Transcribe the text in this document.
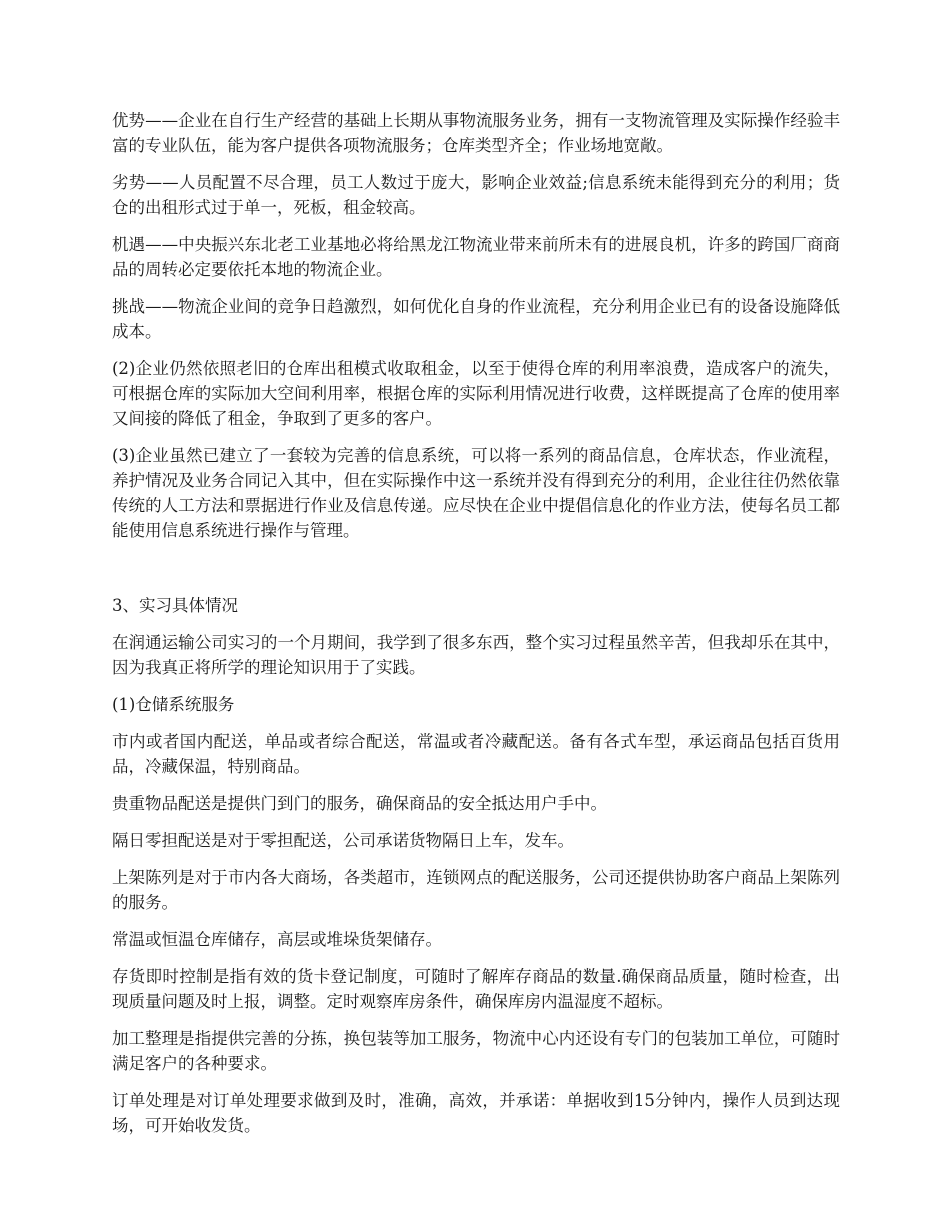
优势——企业在自行生产经营的基础上长期从事物流服务业务，拥有一支物流管理及实际操作经验丰富的专业队伍，能为客户提供各项物流服务；仓库类型齐全；作业场地宽敞。

劣势——人员配置不尽合理，员工人数过于庞大，影响企业效益;信息系统未能得到充分的利用；货仓的出租形式过于单一，死板，租金较高。

机遇——中央振兴东北老工业基地必将给黑龙江物流业带来前所未有的进展良机，许多的跨国厂商商品的周转必定要依托本地的物流企业。

挑战——物流企业间的竞争日趋激烈，如何优化自身的作业流程，充分利用企业已有的设备设施降低成本。

(2)企业仍然依照老旧的仓库出租模式收取租金，以至于使得仓库的利用率浪费，造成客户的流失，可根据仓库的实际加大空间利用率，根据仓库的实际利用情况进行收费，这样既提高了仓库的使用率又间接的降低了租金，争取到了更多的客户。

(3)企业虽然已建立了一套较为完善的信息系统，可以将一系列的商品信息，仓库状态，作业流程，养护情况及业务合同记入其中，但在实际操作中这一系统并没有得到充分的利用，企业往往仍然依靠传统的人工方法和票据进行作业及信息传递。应尽快在企业中提倡信息化的作业方法，使每名员工都能使用信息系统进行操作与管理。

3、实习具体情况

在润通运输公司实习的一个月期间，我学到了很多东西，整个实习过程虽然辛苦，但我却乐在其中，因为我真正将所学的理论知识用于了实践。

(1)仓储系统服务

市内或者国内配送，单品或者综合配送，常温或者冷藏配送。备有各式车型，承运商品包括百货用品，冷藏保温，特别商品。

贵重物品配送是提供门到门的服务，确保商品的安全抵达用户手中。

隔日零担配送是对于零担配送，公司承诺货物隔日上车，发车。

上架陈列是对于市内各大商场，各类超市，连锁网点的配送服务，公司还提供协助客户商品上架陈列的服务。

常温或恒温仓库储存，高层或堆垛货架储存。

存货即时控制是指有效的货卡登记制度，可随时了解库存商品的数量.确保商品质量，随时检查，出现质量问题及时上报，调整。定时观察库房条件，确保库房内温湿度不超标。

加工整理是指提供完善的分拣，换包装等加工服务，物流中心内还设有专门的包装加工单位，可随时满足客户的各种要求。

订单处理是对订单处理要求做到及时，准确，高效，并承诺：单据收到15分钟内，操作人员到达现场，可开始收发货。
